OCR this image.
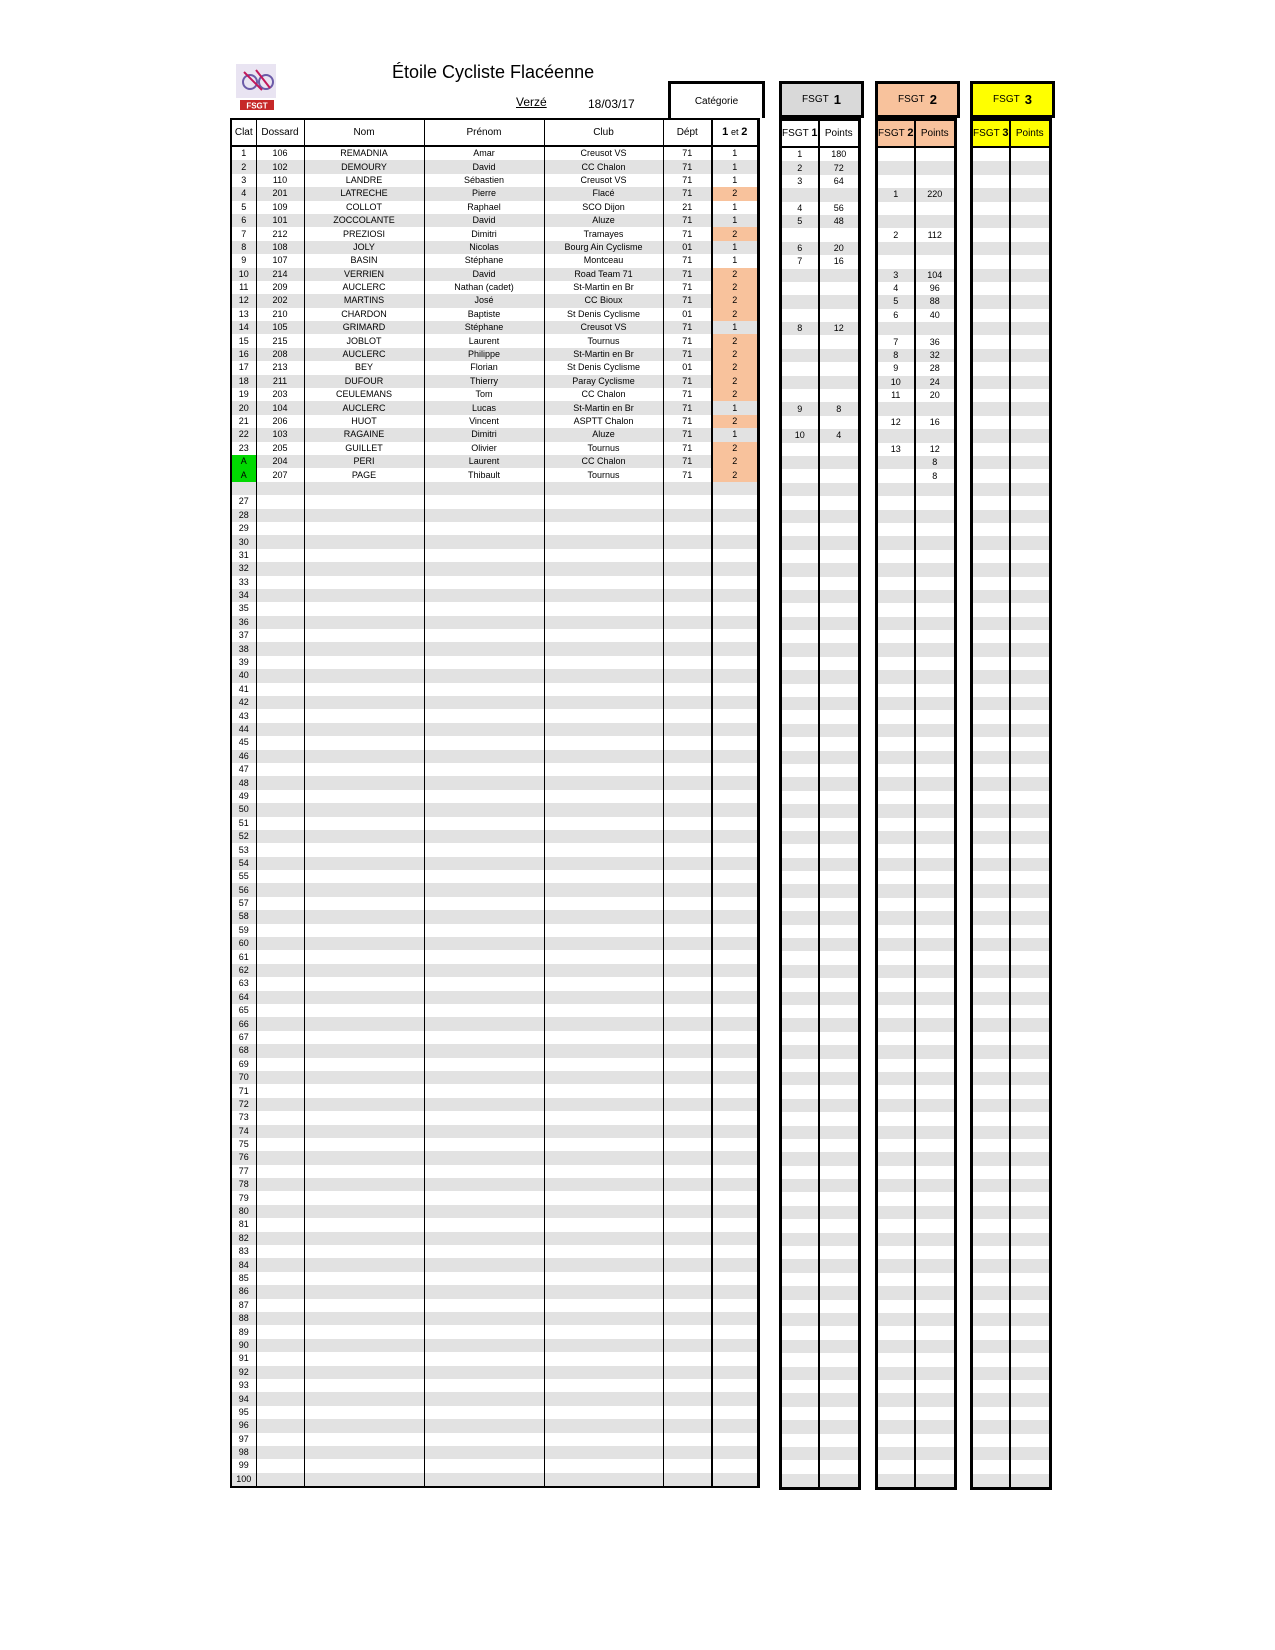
FSGT
Étoile Cycliste Flacéenne
Verzé	18/03/17	Catégorie	FSGT 1	FSGT 2	FSGT 3
Clat	Dossard	Nom	Prénom	Club	Dépt	1 et 2
1	106	REMADNIA	Amar	Creusot VS	71	1
2	102	DEMOURY	David	CC Chalon	71	1
3	110	LANDRE	Sébastien	Creusot VS	71	1
4	201	LATRECHE	Pierre	Flacé	71	2
5	109	COLLOT	Raphael	SCO Dijon	21	1
6	101	ZOCCOLANTE	David	Aluze	71	1
7	212	PREZIOSI	Dimitri	Tramayes	71	2
8	108	JOLY	Nicolas	Bourg Ain Cyclisme	01	1
9	107	BASIN	Stéphane	Montceau	71	1
10	214	VERRIEN	David	Road Team 71	71	2
11	209	AUCLERC	Nathan (cadet)	St-Martin en Br	71	2
12	202	MARTINS	José	CC Bioux	71	2
13	210	CHARDON	Baptiste	St Denis Cyclisme	01	2
14	105	GRIMARD	Stéphane	Creusot VS	71	1
15	215	JOBLOT	Laurent	Tournus	71	2
16	208	AUCLERC	Philippe	St-Martin en Br	71	2
17	213	BEY	Florian	St Denis Cyclisme	01	2
18	211	DUFOUR	Thierry	Paray Cyclisme	71	2
19	203	CEULEMANS	Tom	CC Chalon	71	2
20	104	AUCLERC	Lucas	St-Martin en Br	71	1
21	206	HUOT	Vincent	ASPTT Chalon	71	2
22	103	RAGAINE	Dimitri	Aluze	71	1
23	205	GUILLET	Olivier	Tournus	71	2
A	204	PERI	Laurent	CC Chalon	71	2
A	207	PAGE	Thibault	Tournus	71	2

27						
28						
29						
30						
31						
32						
33						
34						
35						
36						
37						
38						
39						
40						
41						
42						
43						
44						
45						
46						
47						
48						
49						
50						
51						
52						
53						
54						
55						
56						
57						
58						
59						
60						
61						
62						
63						
64						
65						
66						
67						
68						
69						
70						
71						
72						
73						
74						
75						
76						
77						
78						
79						
80						
81						
82						
83						
84						
85						
86						
87						
88						
89						
90						
91						
92						
93						
94						
95						
96						
97						
98						
99						
100						
FSGT 1	Points
1	180
2	72
3	64

4	56
5	48

6	20
7	16

8	12

9	8

10	4

FSGT 2	Points

1	220

2	112

3	104
4	96
5	88
6	40

7	36
8	32
9	28
10	24
11	20

12	16

13	12
	8
	8

FSGT 3	Points
